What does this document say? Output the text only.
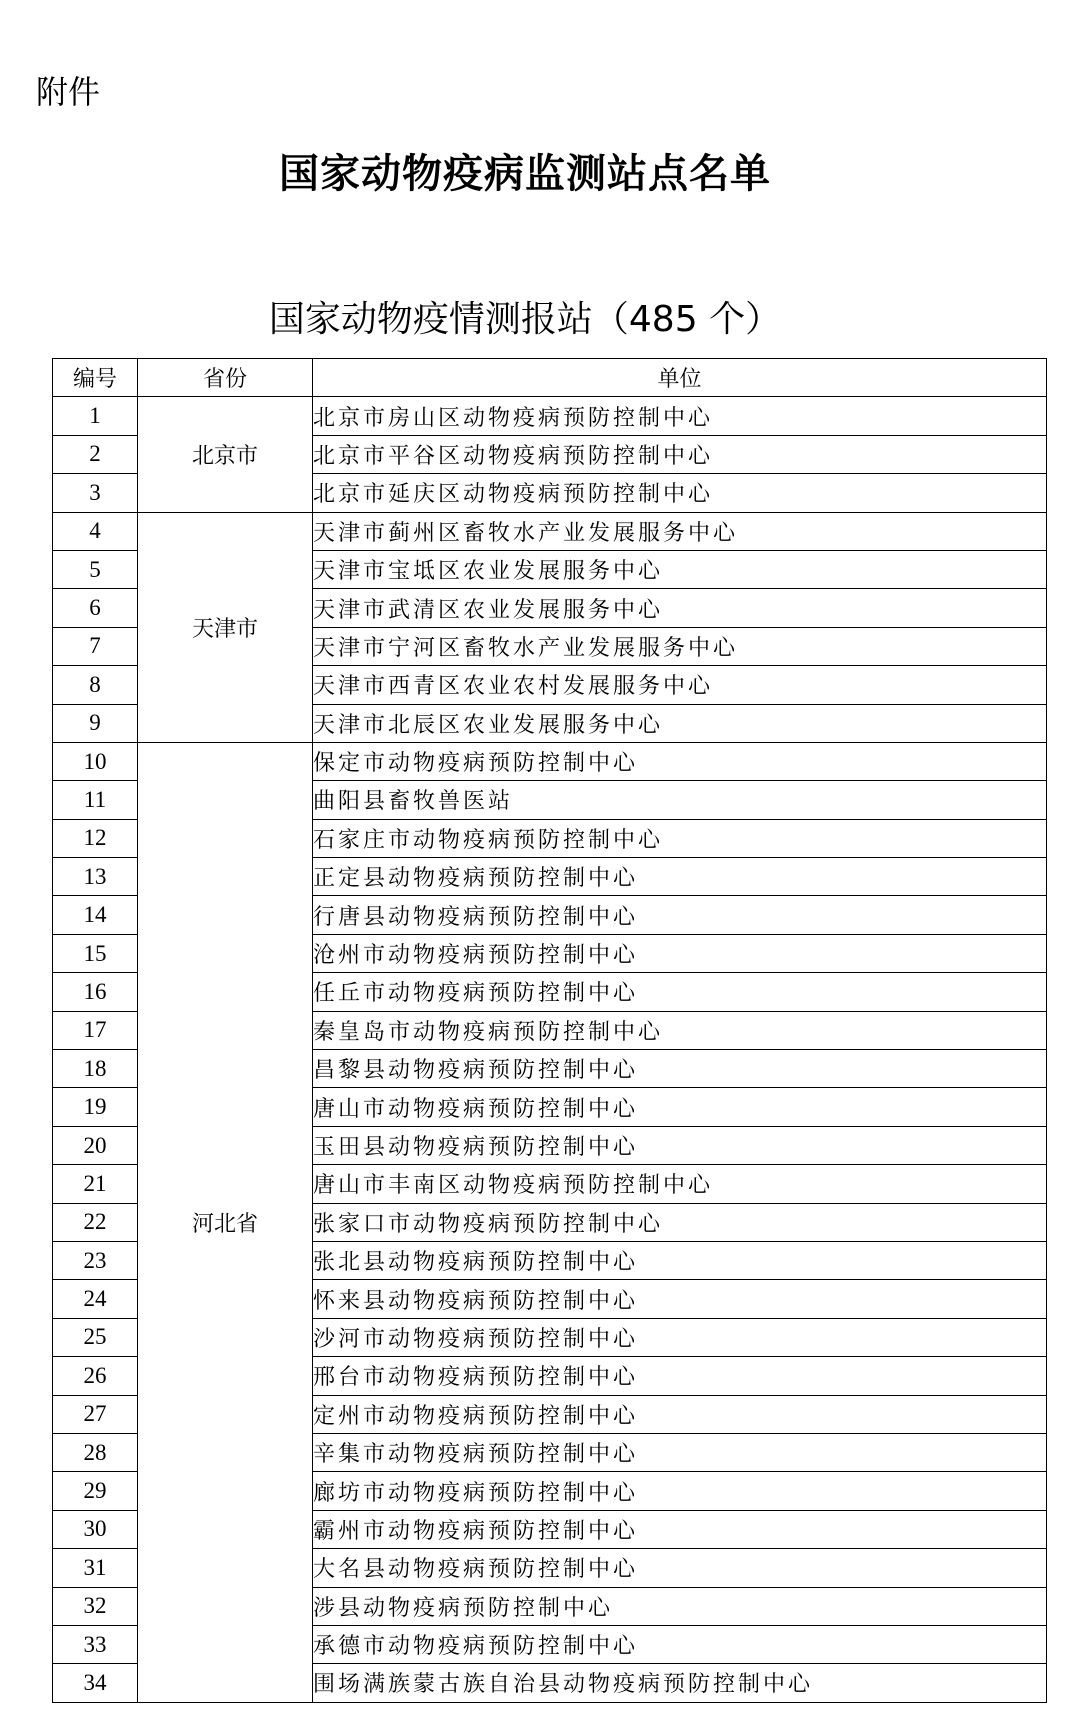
附件
国家动物疫病监测站点名单
国家动物疫情测报站（485 个）
编号	省份	单位
1	北京市	北京市房山区动物疫病预防控制中心
2		北京市平谷区动物疫病预防控制中心
3		北京市延庆区动物疫病预防控制中心
4	天津市	天津市蓟州区畜牧水产业发展服务中心
5		天津市宝坻区农业发展服务中心
6		天津市武清区农业发展服务中心
7		天津市宁河区畜牧水产业发展服务中心
8		天津市西青区农业农村发展服务中心
9		天津市北辰区农业发展服务中心
10	河北省	保定市动物疫病预防控制中心
11		曲阳县畜牧兽医站
12		石家庄市动物疫病预防控制中心
13		正定县动物疫病预防控制中心
14		行唐县动物疫病预防控制中心
15		沧州市动物疫病预防控制中心
16		任丘市动物疫病预防控制中心
17		秦皇岛市动物疫病预防控制中心
18		昌黎县动物疫病预防控制中心
19		唐山市动物疫病预防控制中心
20		玉田县动物疫病预防控制中心
21		唐山市丰南区动物疫病预防控制中心
22		张家口市动物疫病预防控制中心
23		张北县动物疫病预防控制中心
24		怀来县动物疫病预防控制中心
25		沙河市动物疫病预防控制中心
26		邢台市动物疫病预防控制中心
27		定州市动物疫病预防控制中心
28		辛集市动物疫病预防控制中心
29		廊坊市动物疫病预防控制中心
30		霸州市动物疫病预防控制中心
31		大名县动物疫病预防控制中心
32		涉县动物疫病预防控制中心
33		承德市动物疫病预防控制中心
34		围场满族蒙古族自治县动物疫病预防控制中心
